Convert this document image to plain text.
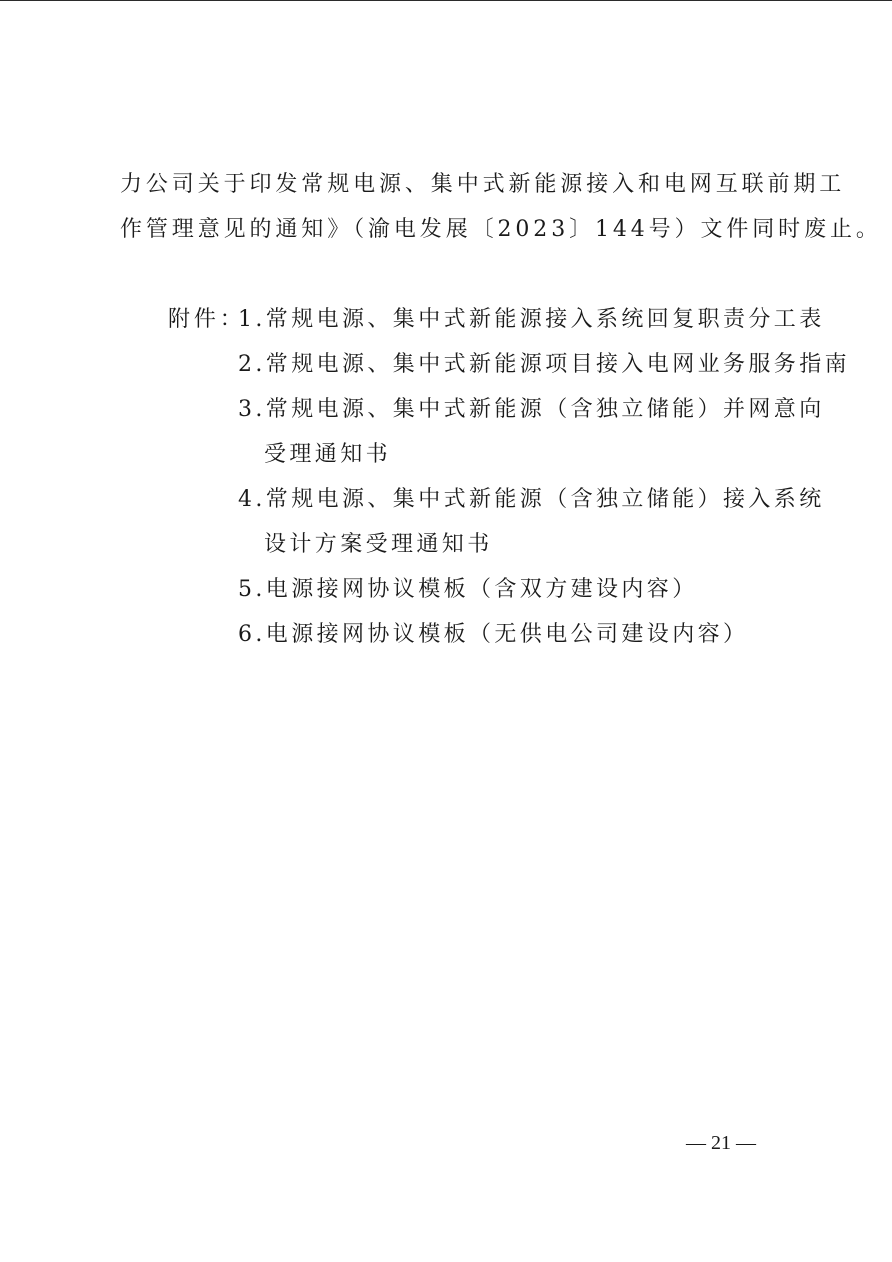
力公司关于印发常规电源、集中式新能源接入和电网互联前期工
作管理意见的通知》（渝电发展〔2023〕144号）文件同时废止。
附件：
1.常规电源、集中式新能源接入系统回复职责分工表
2.常规电源、集中式新能源项目接入电网业务服务指南
3.常规电源、集中式新能源（含独立储能）并网意向
受理通知书
4.常规电源、集中式新能源（含独立储能）接入系统
设计方案受理通知书
5.电源接网协议模板（含双方建设内容）
6.电源接网协议模板（无供电公司建设内容）
— 21 —
